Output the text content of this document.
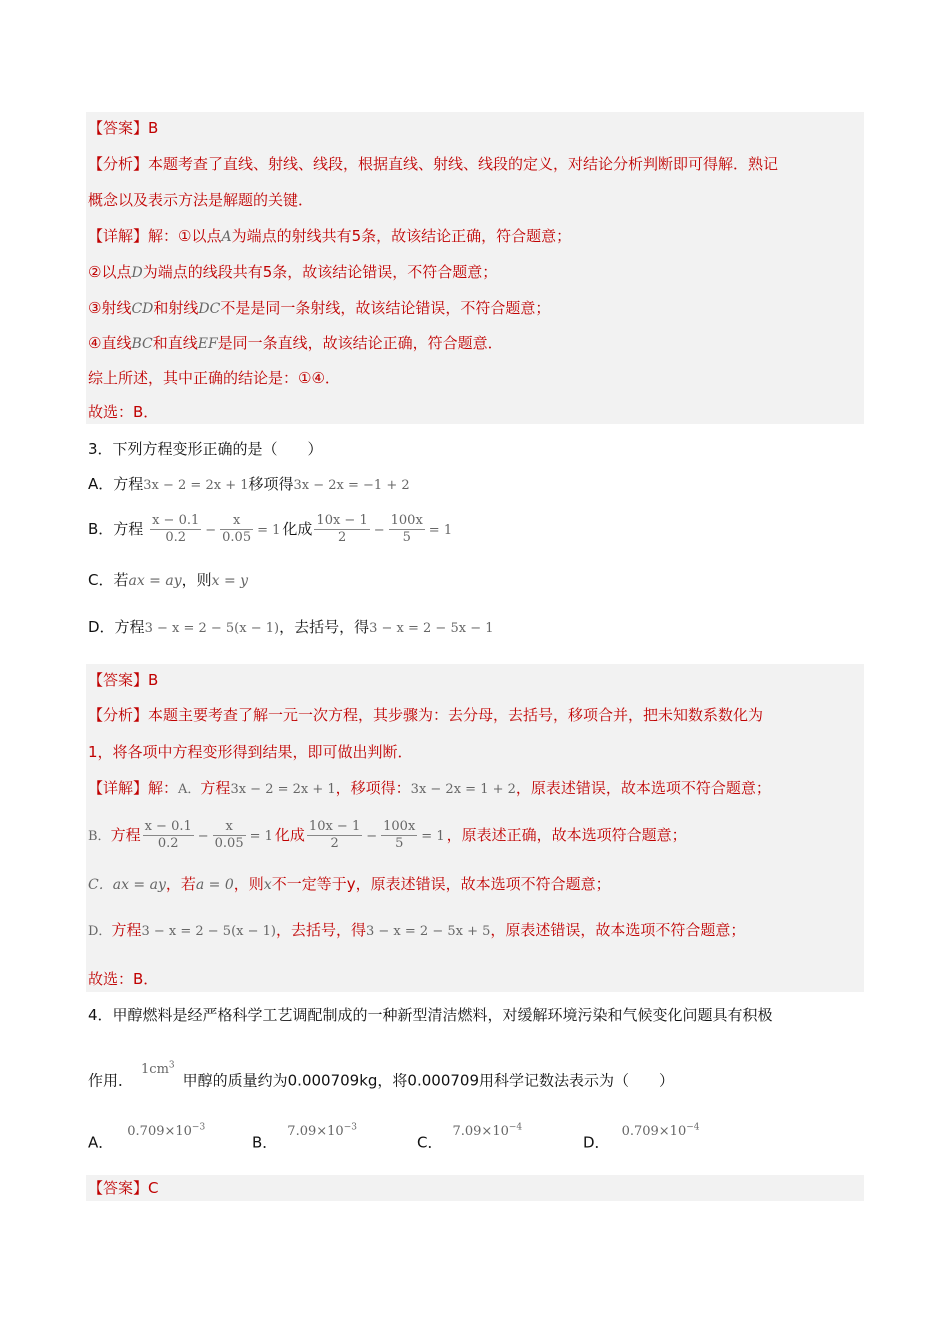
【答案】B
【分析】本题考查了直线、射线、线段，根据直线、射线、线段的定义，对结论分析判断即可得解．熟记
概念以及表示方法是解题的关键．
【详解】解：①以点A为端点的射线共有5条，故该结论正确，符合题意；
②以点D为端点的线段共有5条，故该结论错误，不符合题意；
③射线CD和射线DC不是是同一条射线，故该结论错误，不符合题意；
④直线BC和直线EF是同一条直线，故该结论正确，符合题意．
综上所述，其中正确的结论是：①④．
故选：B．
3．下列方程变形正确的是（　　）
A．方程3x − 2 = 2x + 1移项得3x − 2x = −1 + 2
B．方程 $\frac{x - 0.1}{0.2} - \frac{x}{0.05} = 1$ 化成 $\frac{10x - 1}{2} - \frac{100x}{5} = 1$
C．若ax = ay，则x = y
D．方程3 − x = 2 − 5(x − 1)，去括号，得3 − x = 2 − 5x − 1
【答案】B
【分析】本题主要考查了解一元一次方程，其步骤为：去分母，去括号，移项合并，把未知数系数化为
1，将各项中方程变形得到结果，即可做出判断．
【详解】解：A．方程3x − 2 = 2x + 1，移项得：3x − 2x = 1 + 2，原表述错误，故本选项不符合题意；
B．方程 $\frac{x - 0.1}{0.2} - \frac{x}{0.05} = 1$ 化成 $\frac{10x - 1}{2} - \frac{100x}{5} = 1$ ，原表述正确，故本选项符合题意；
C．ax = ay，若a = 0，则x不一定等于y，原表述错误，故本选项不符合题意；
D．方程3 − x = 2 − 5(x − 1)，去括号，得3 − x = 2 − 5x + 5，原表述错误，故本选项不符合题意；
故选：B．
4．甲醇燃料是经严格科学工艺调配制成的一种新型清洁燃料，对缓解环境污染和气候变化问题具有积极
作用．$1cm^3$甲醇的质量约为0.000709kg，将0.000709用科学记数法表示为（　　）
A．$0.709\times 10^{-3}$
B．$7.09\times 10^{-3}$
C．$7.09\times 10^{-4}$
D．$0.709\times 10^{-4}$
【答案】C
